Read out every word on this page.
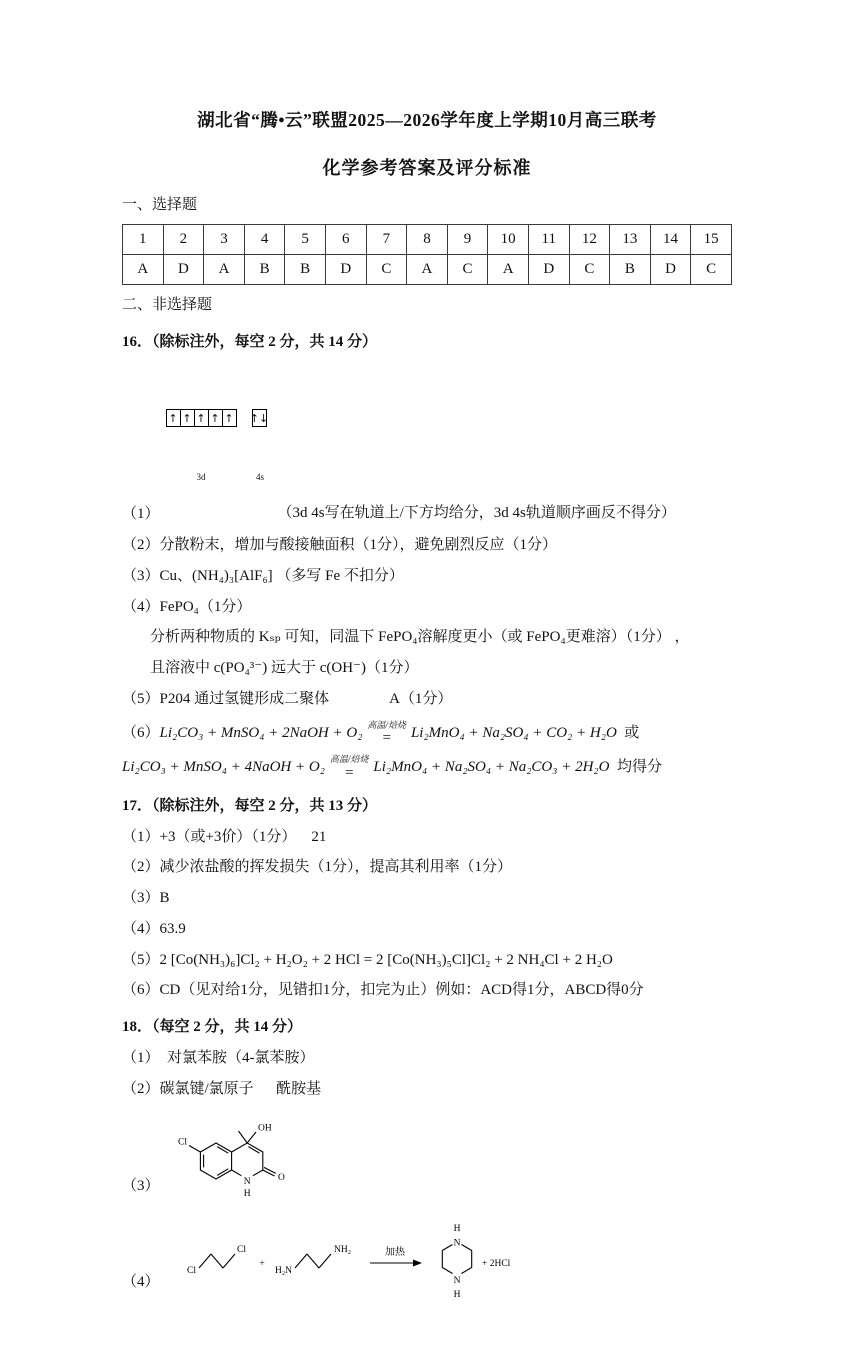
湖北省“腾•云”联盟2025—2026学年度上学期10月高三联考
化学参考答案及评分标准
一、选择题
1	2	3	4	5	6	7	8	9	10	11	12	13	14	15
A	D	A	B	B	D	C	A	C	A	D	C	B	D	C
二、非选择题
16．（除标注外，每空 2 分，共 14 分）
（1）

↑ ↑ ↑ ↑ ↑ ↑↓

3d	4s

（3d 4s写在轨道上/下方均给分，3d 4s轨道顺序画反不得分）
（2）分散粉末，增加与酸接触面积（1分），避免剧烈反应（1分）
（3）Cu、(NH₄)₃[AlF₆] （多写 Fe 不扣分）
（4）FePO₄（1分）
分析两种物质的 Kₛₚ 可知，同温下 FePO₄溶解度更小（或 FePO₄更难溶）（1分） ，
且溶液中 c(PO₄³⁻) 远大于 c(OH⁻)（1分）
（5）P204 通过氢键形成二聚体　　　　A（1分）
（6）Li₂CO₃ + MnSO₄ + 2NaOH + O₂ 高温/焙烧
= Li₂MnO₄ + Na₂SO₄ + CO₂ + H₂O 或
Li₂CO₃ + MnSO₄ + 4NaOH + O₂ 高温/焙烧
= Li₂MnO₄ + Na₂SO₄ + Na₂CO₃ + 2H₂O 均得分
17．（除标注外，每空 2 分，共 13 分）
（1）+3（或+3价）（1分）　  21
（2）减少浓盐酸的挥发损失（1分），提高其利用率（1分）
（3）B
（4）63.9
（5）2 [Co(NH₃)₆]Cl₂ + H₂O₂ + 2 HCl = 2 [Co(NH₃)₅Cl]Cl₂ + 2 NH₄Cl + 2 H₂O
（6）CD（见对给1分，见错扣1分，扣完为止）例如：ACD得1分，ABCD得0分
18．（每空 2 分，共 14 分）
（1）  对氯苯胺（4-氯苯胺）
（2）碳氯键/氯原子　  酰胺基
（3）
Cl
OH
N
H
O
（4）
Cl
Cl
+
H₂N
NH₂	加热
N
H
N
H
+ 2HCl
